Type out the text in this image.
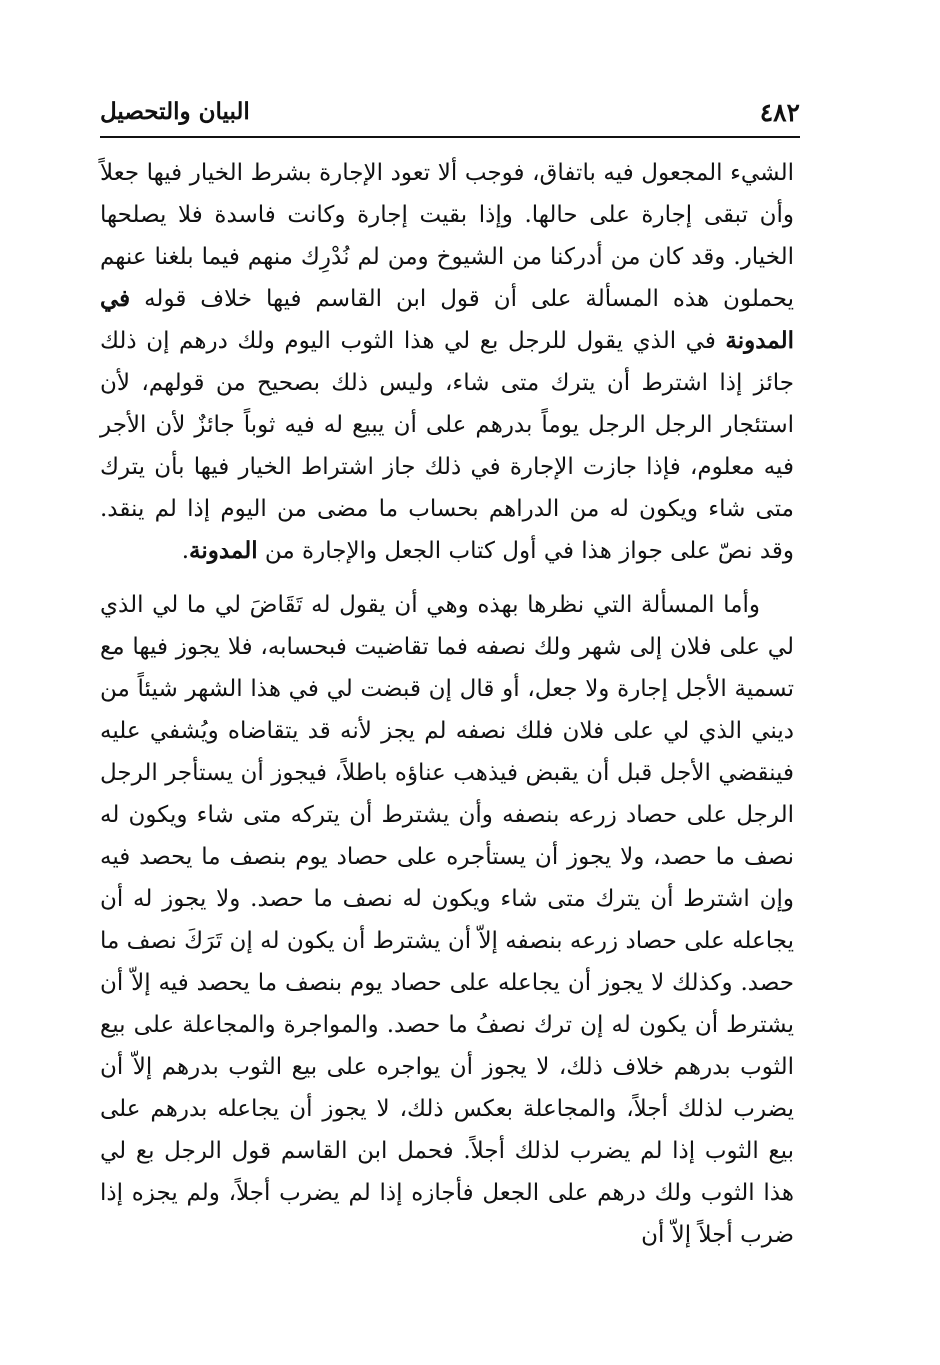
٤٨٢
البيان والتحصيل

الشيء المجعول فيه باتفاق، فوجب ألا تعود الإجارة بشرط الخيار فيها جعلاً وأن تبقى إجارة على حالها. وإذا بقيت إجارة وكانت فاسدة فلا يصلحها الخيار. وقد كان من أدركنا من الشيوخ ومن لم نُدْرِك منهم فيما بلغنا عنهم يحملون هذه المسألة على أن قول ابن القاسم فيها خلاف قوله في المدونة في الذي يقول للرجل بع لي هذا الثوب اليوم ولك درهم إن ذلك جائز إذا اشترط أن يترك متى شاء، وليس ذلك بصحيح من قولهم، لأن استئجار الرجل الرجل يوماً بدرهم على أن يبيع له فيه ثوباً جائزٌ لأن الأجر فيه معلوم، فإذا جازت الإجارة في ذلك جاز اشتراط الخيار فيها بأن يترك متى شاء ويكون له من الدراهم بحساب ما مضى من اليوم إذا لم ينقد. وقد نصّ على جواز هذا في أول كتاب الجعل والإجارة من المدونة.

وأما المسألة التي نظرها بهذه وهي أن يقول له تَقَاضَ لي ما لي الذي لي على فلان إلى شهر ولك نصفه فما تقاضيت فبحسابه، فلا يجوز فيها مع تسمية الأجل إجارة ولا جعل، أو قال إن قبضت لي في هذا الشهر شيئاً من ديني الذي لي على فلان فلك نصفه لم يجز لأنه قد يتقاضاه ويُشفي عليه فينقضي الأجل قبل أن يقبض فيذهب عناؤه باطلاً، فيجوز أن يستأجر الرجل الرجل على حصاد زرعه بنصفه وأن يشترط أن يتركه متى شاء ويكون له نصف ما حصد، ولا يجوز أن يستأجره على حصاد يوم بنصف ما يحصد فيه وإن اشترط أن يترك متى شاء ويكون له نصف ما حصد. ولا يجوز له أن يجاعله على حصاد زرعه بنصفه إلاّ أن يشترط أن يكون له إن تَرَكَ نصف ما حصد. وكذلك لا يجوز أن يجاعله على حصاد يوم بنصف ما يحصد فيه إلاّ أن يشترط أن يكون له إن ترك نصفُ ما حصد. والمواجرة والمجاعلة على بيع الثوب بدرهم خلاف ذلك، لا يجوز أن يواجره على بيع الثوب بدرهم إلاّ أن يضرب لذلك أجلاً، والمجاعلة بعكس ذلك، لا يجوز أن يجاعله بدرهم على بيع الثوب إذا لم يضرب لذلك أجلاً. فحمل ابن القاسم قول الرجل بع لي هذا الثوب ولك درهم على الجعل فأجازه إذا لم يضرب أجلاً، ولم يجزه إذا ضرب أجلاً إلاّ أن
